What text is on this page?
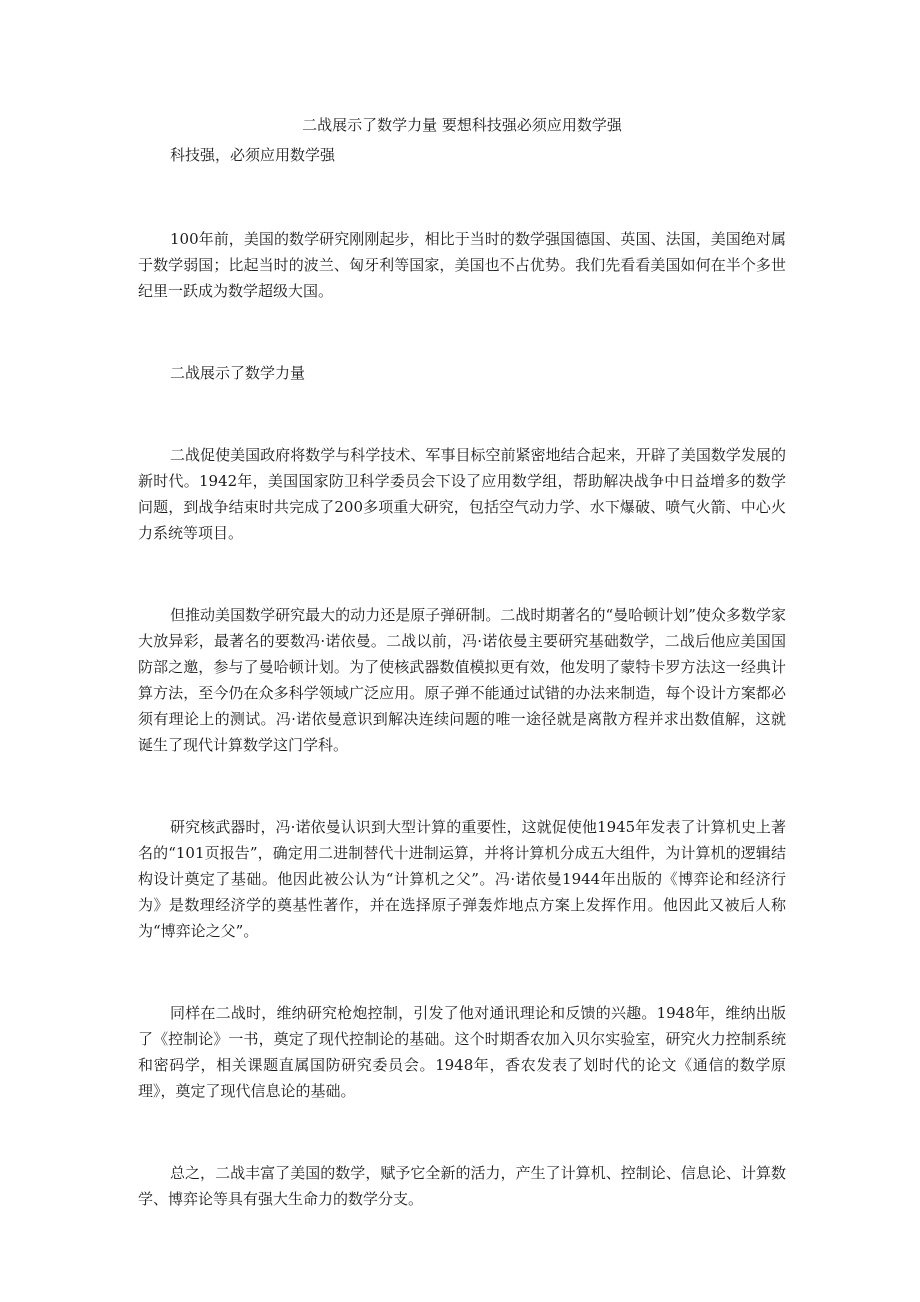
二战展示了数学力量 要想科技强必须应用数学强

科技强，必须应用数学强

100年前，美国的数学研究刚刚起步，相比于当时的数学强国德国、英国、法国，美国绝对属于数学弱国；比起当时的波兰、匈牙利等国家，美国也不占优势。我们先看看美国如何在半个多世纪里一跃成为数学超级大国。

二战展示了数学力量

二战促使美国政府将数学与科学技术、军事目标空前紧密地结合起来，开辟了美国数学发展的新时代。1942年，美国国家防卫科学委员会下设了应用数学组，帮助解决战争中日益增多的数学问题，到战争结束时共完成了200多项重大研究，包括空气动力学、水下爆破、喷气火箭、中心火力系统等项目。

但推动美国数学研究最大的动力还是原子弹研制。二战时期著名的“曼哈顿计划”使众多数学家大放异彩，最著名的要数冯·诺依曼。二战以前，冯·诺依曼主要研究基础数学，二战后他应美国国防部之邀，参与了曼哈顿计划。为了使核武器数值模拟更有效，他发明了蒙特卡罗方法这一经典计算方法，至今仍在众多科学领域广泛应用。原子弹不能通过试错的办法来制造，每个设计方案都必须有理论上的测试。冯·诺依曼意识到解决连续问题的唯一途径就是离散方程并求出数值解，这就诞生了现代计算数学这门学科。

研究核武器时，冯·诺依曼认识到大型计算的重要性，这就促使他1945年发表了计算机史上著名的“101页报告”，确定用二进制替代十进制运算，并将计算机分成五大组件，为计算机的逻辑结构设计奠定了基础。他因此被公认为“计算机之父”。冯·诺依曼1944年出版的《博弈论和经济行为》是数理经济学的奠基性著作，并在选择原子弹轰炸地点方案上发挥作用。他因此又被后人称为“博弈论之父”。

同样在二战时，维纳研究枪炮控制，引发了他对通讯理论和反馈的兴趣。1948年，维纳出版了《控制论》一书，奠定了现代控制论的基础。这个时期香农加入贝尔实验室，研究火力控制系统和密码学，相关课题直属国防研究委员会。1948年，香农发表了划时代的论文《通信的数学原理》，奠定了现代信息论的基础。

总之，二战丰富了美国的数学，赋予它全新的活力，产生了计算机、控制论、信息论、计算数学、博弈论等具有强大生命力的数学分支。
